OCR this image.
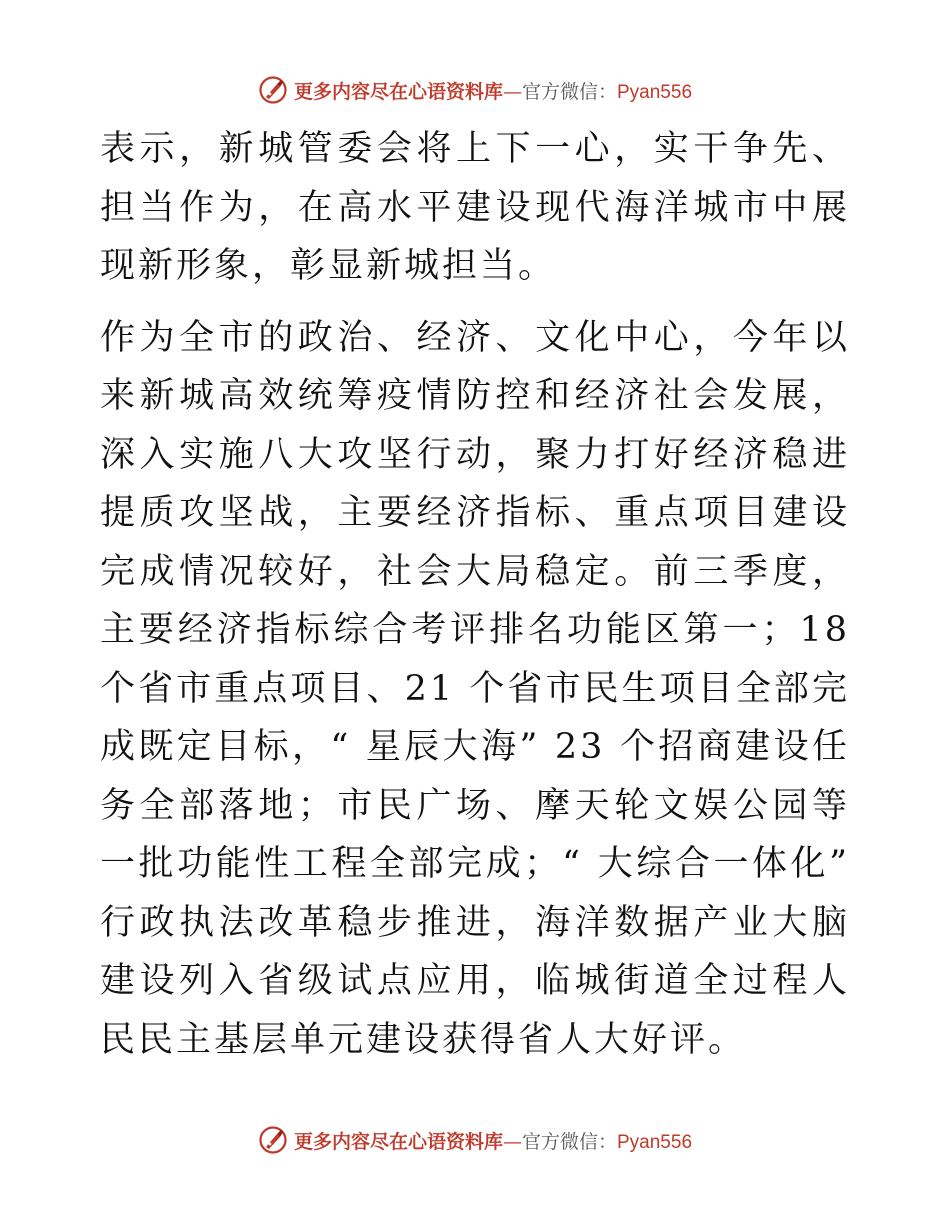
更多内容尽在心语资料库—官方微信：Pyan556

表示，新城管委会将上下一心，实干争先、担当作为，在高水平建设现代海洋城市中展现新形象，彰显新城担当。

作为全市的政治、经济、文化中心，今年以来新城高效统筹疫情防控和经济社会发展，深入实施八大攻坚行动，聚力打好经济稳进提质攻坚战，主要经济指标、重点项目建设完成情况较好，社会大局稳定。前三季度，主要经济指标综合考评排名功能区第一；18 个省市重点项目、21 个省市民生项目全部完成既定目标，“ 星辰大海” 23 个招商建设任务全部落地；市民广场、摩天轮文娱公园等一批功能性工程全部完成；“ 大综合一体化” 行政执法改革稳步推进，海洋数据产业大脑建设列入省级试点应用，临城街道全过程人民民主基层单元建设获得省人大好评。

更多内容尽在心语资料库—官方微信：Pyan556
